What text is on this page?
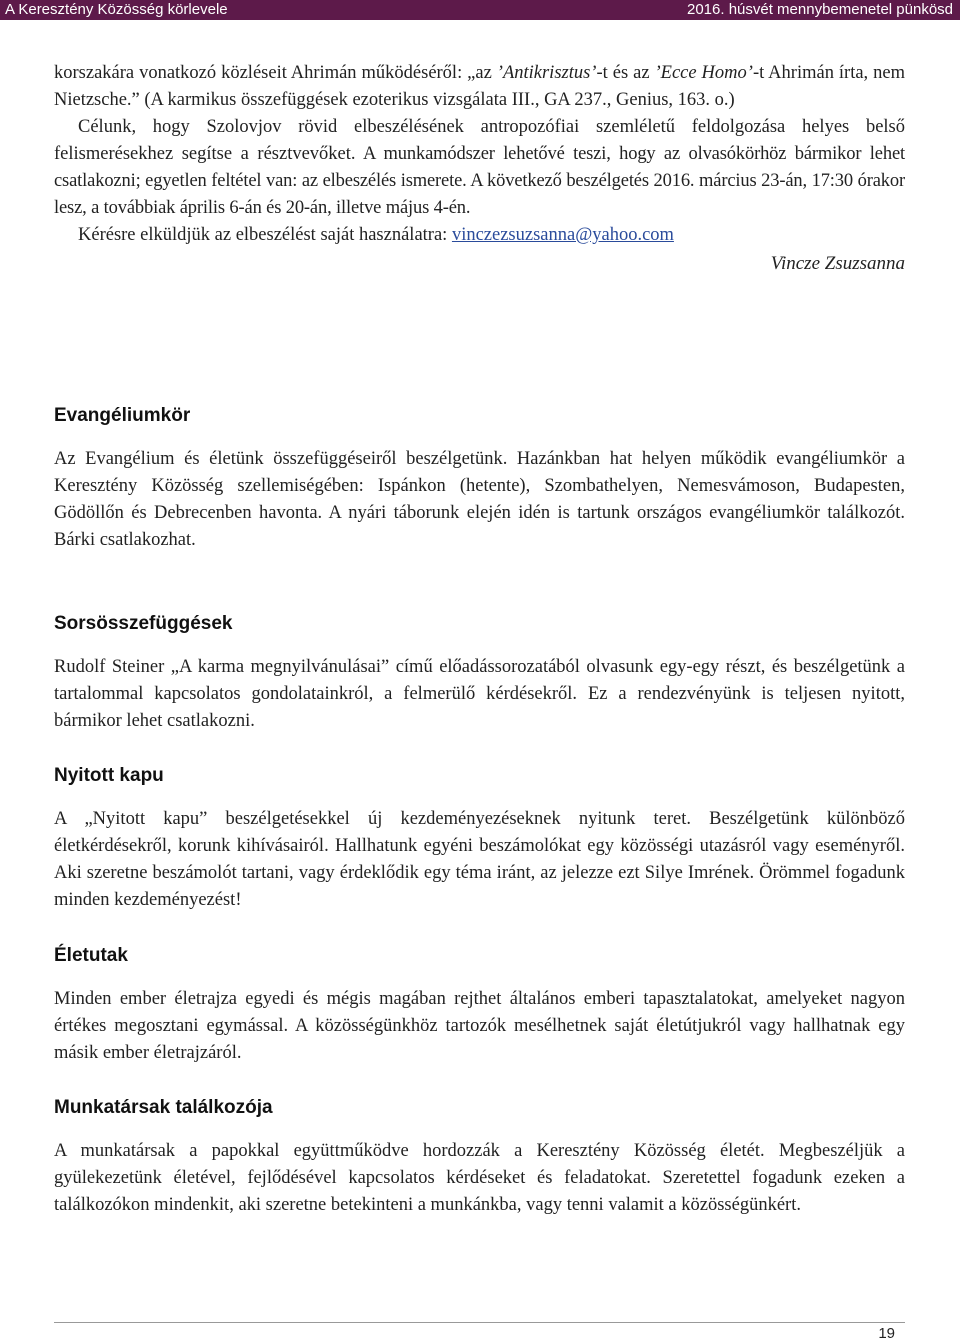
A Keresztény Közösség körlevele	2016. húsvét mennybemenetel pünkösd

korszakára vonatkozó közléseit Ahrimán működéséről: „az ’Antikrisztus’-t és az ’Ecce Homo’-t Ahrimán írta, nem Nietzsche.” (A karmikus összefüggések ezoterikus vizsgálata III., GA 237., Genius, 163. o.)

Célunk, hogy Szolovjov rövid elbeszélésének antropozófiai szemléletű feldolgozása helyes belső felismerésekhez segítse a résztvevőket. A munkamódszer lehetővé teszi, hogy az olvasókörhöz bármikor lehet csatlakozni; egyetlen feltétel van: az elbeszélés ismerete. A következő beszélgetés 2016. március 23-án, 17:30 órakor lesz, a továbbiak április 6-án és 20-án, illetve május 4-én.

Kérésre elküldjük az elbeszélést saját használatra: vinczezsuzsanna@yahoo.com

Vincze Zsuzsanna
Evangéliumkör

Az Evangélium és életünk összefüggéseiről beszélgetünk. Hazánkban hat helyen működik evangéliumkör a Keresztény Közösség szellemiségében: Ispánkon (hetente), Szombathelyen, Nemesvámoson, Budapesten, Gödöllőn és Debrecenben havonta. A nyári táborunk elején idén is tartunk országos evangéliumkör találkozót. Bárki csatlakozhat.

Sorsösszefüggések

Rudolf Steiner „A karma megnyilvánulásai” című előadássorozatából olvasunk egy-egy részt, és beszélgetünk a tartalommal kapcsolatos gondolatainkról, a felmerülő kérdésekről. Ez a rendezvényünk is teljesen nyitott, bármikor lehet csatlakozni.

Nyitott kapu

A „Nyitott kapu” beszélgetésekkel új kezdeményezéseknek nyitunk teret. Beszélgetünk különböző életkérdésekről, korunk kihívásairól. Hallhatunk egyéni beszámolókat egy közösségi utazásról vagy eseményről. Aki szeretne beszámolót tartani, vagy érdeklődik egy téma iránt, az jelezze ezt Silye Imrének. Örömmel fogadunk minden kezdeményezést!

Életutak

Minden ember életrajza egyedi és mégis magában rejthet általános emberi tapasztalatokat, amelyeket nagyon értékes megosztani egymással. A közösségünkhöz tartozók mesélhetnek saját életútjukról vagy hallhatnak egy másik ember életrajzáról.

Munkatársak találkozója

A munkatársak a papokkal együttműködve hordozzák a Keresztény Közösség életét. Megbeszéljük a gyülekezetünk életével, fejlődésével kapcsolatos kérdéseket és feladatokat. Szeretettel fogadunk ezeken a találkozókon mindenkit, aki szeretne betekinteni a munkánkba, vagy tenni valamit a közösségünkért.

19
